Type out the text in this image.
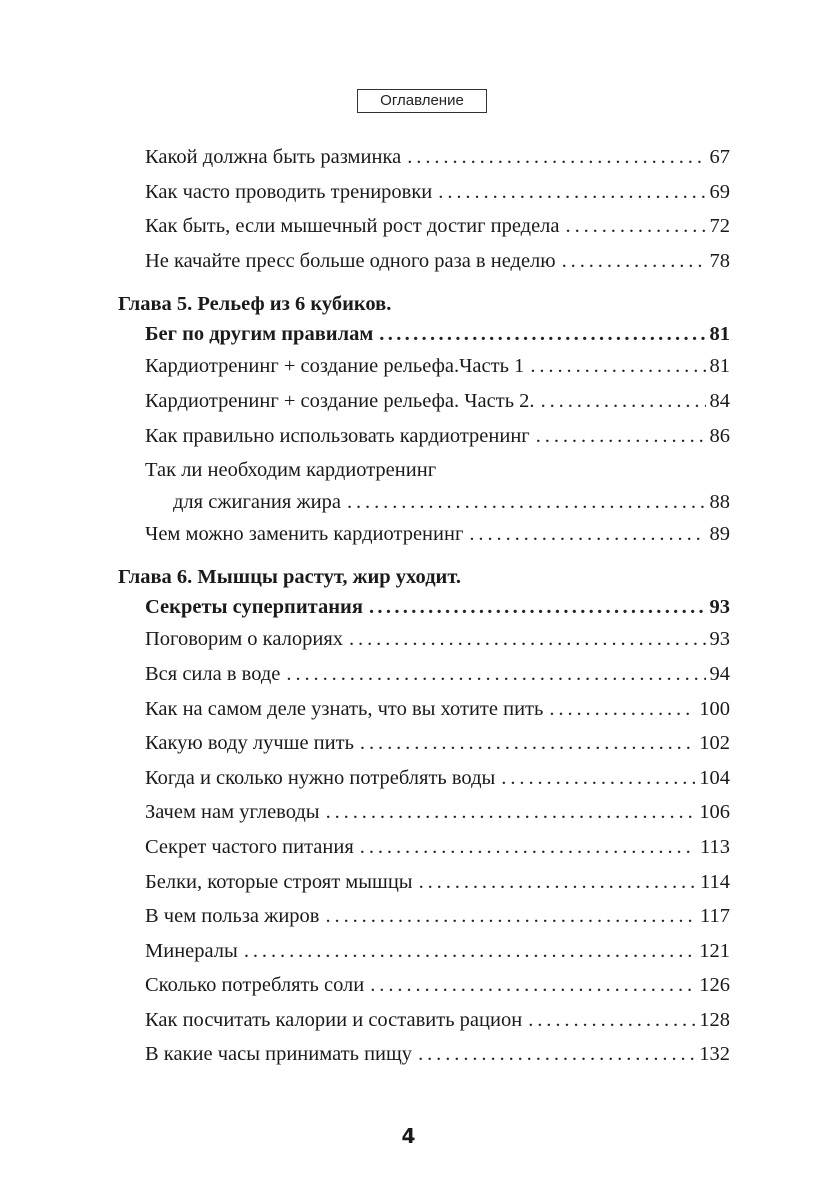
Оглавление
Какой должна быть разминка . . .	67
Как часто проводить тренировки . . .	69
Как быть, если мышечный рост достиг предела . . .	72
Не качайте пресс больше одного раза в неделю . . .	78
Глава 5. Рельеф из 6 кубиков.
Бег по другим правилам . . .	81
Кардиотренинг + создание рельефа.Часть 1 . . .	81
Кардиотренинг + создание рельефа. Часть 2. . . .	84
Как правильно использовать кардиотренинг . . .	86
Так ли необходим кардиотренинг
для сжигания жира . . .	88
Чем можно заменить кардиотренинг . . .	89
Глава 6. Мышцы растут, жир уходит.
Секреты суперпитания . . .	93
Поговорим о калориях . . .	93
Вся сила в воде . . .	94
Как на самом деле узнать, что вы хотите пить . . .	100
Какую воду лучше пить . . .	102
Когда и сколько нужно потреблять воды . . .	104
Зачем нам углеводы . . .	106
Секрет частого питания . . .	113
Белки, которые строят мышцы . . .	114
В чем польза жиров . . .	117
Минералы . . .	121
Сколько потреблять соли . . .	126
Как посчитать калории и составить рацион . . .	128
В какие часы принимать пищу . . .	132
4
